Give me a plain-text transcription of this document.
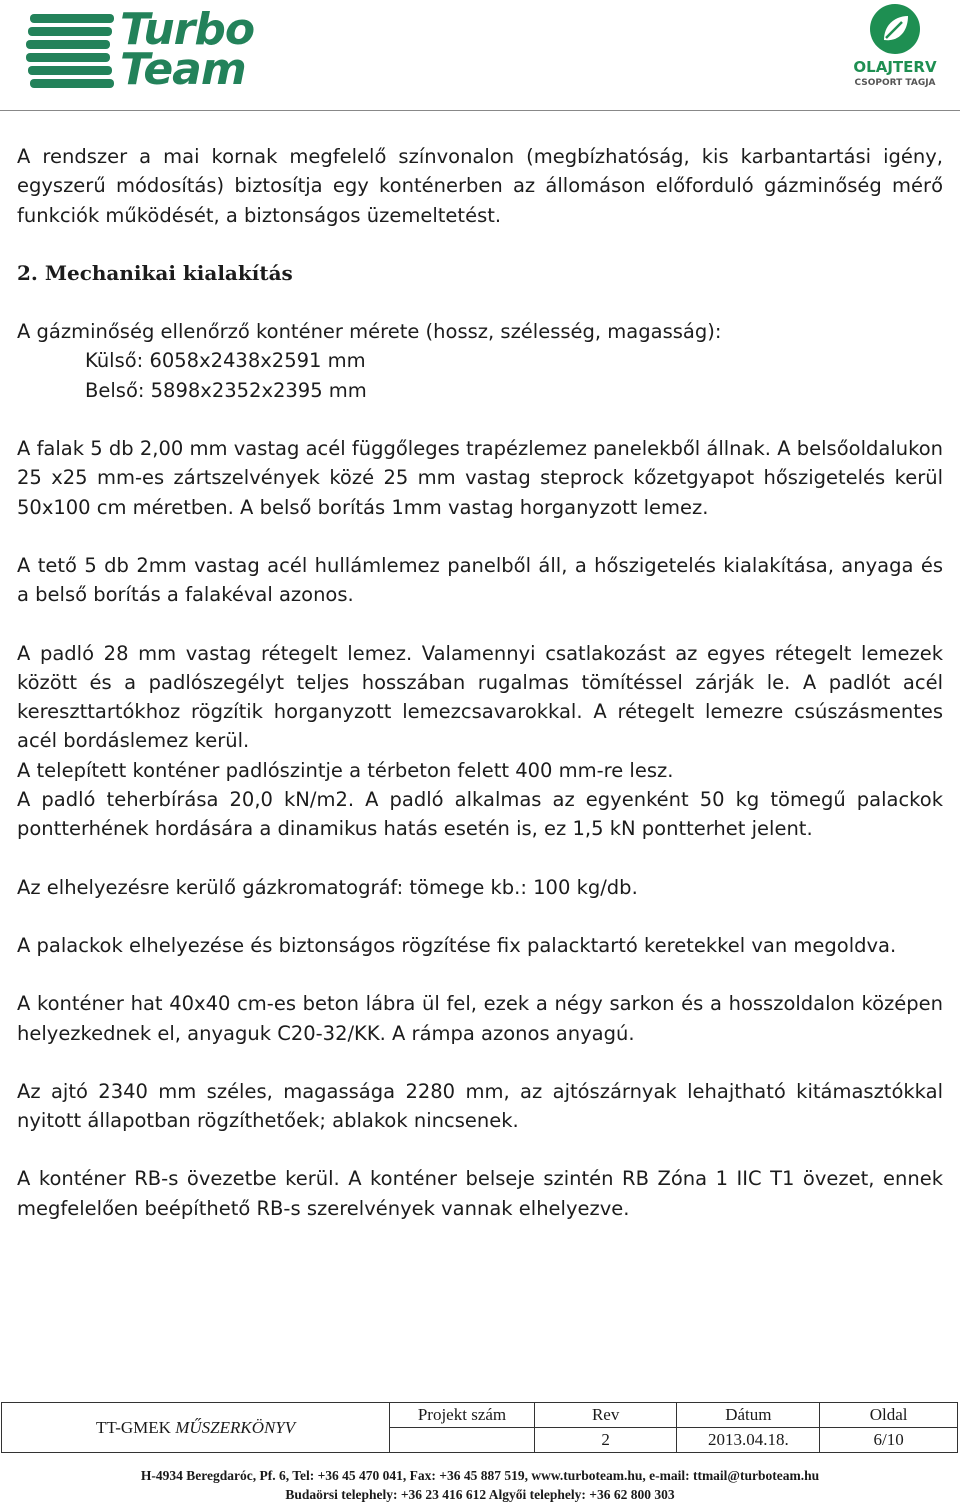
Turbo
Team	OLAJTERV
CSOPORT TAGJA

A rendszer a mai kornak megfelelő színvonalon (megbízhatóság, kis karbantartási igény, egyszerű módosítás) biztosítja egy konténerben az állomáson előforduló gázminőség mérő funkciók működését, a biztonságos üzemeltetést.

2. Mechanikai kialakítás

A gázminőség ellenőrző konténer mérete (hossz, szélesség, magasság):

Külső: 6058x2438x2591 mm

Belső: 5898x2352x2395 mm

A falak 5 db 2,00 mm vastag acél függőleges trapézlemez panelekből állnak. A belsőoldalukon 25 x25 mm-es zártszelvények közé 25 mm vastag steprock kőzetgyapot hőszigetelés kerül 50x100 cm méretben. A belső borítás 1mm vastag horganyzott lemez.

A tető 5 db 2mm vastag acél hullámlemez panelből áll, a hőszigetelés kialakítása, anyaga és a belső borítás a falakéval azonos.

A padló 28 mm vastag rétegelt lemez. Valamennyi csatlakozást az egyes rétegelt lemezek között és a padlószegélyt teljes hosszában rugalmas tömítéssel zárják le. A padlót acél kereszttartókhoz rögzítik horganyzott lemezcsavarokkal. A rétegelt lemezre csúszásmentes acél bordáslemez kerül.

A telepített konténer padlószintje a térbeton felett 400 mm-re lesz.

A padló teherbírása 20,0 kN/m2. A padló alkalmas az egyenként 50 kg tömegű palackok pontterhének hordására a dinamikus hatás esetén is, ez 1,5 kN pontterhet jelent.

Az elhelyezésre kerülő gázkromatográf: tömege kb.: 100 kg/db.

A palackok elhelyezése és biztonságos rögzítése fix palacktartó keretekkel van megoldva.

A konténer hat 40x40 cm-es beton lábra ül fel, ezek a négy sarkon és a hosszoldalon középen helyezkednek el, anyaguk C20-32/KK. A rámpa azonos anyagú.

Az ajtó 2340 mm széles, magassága 2280 mm, az ajtószárnyak lehajtható kitámasztókkal nyitott állapotban rögzíthetőek; ablakok nincsenek.

A konténer RB-s övezetbe kerül. A konténer belseje szintén RB Zóna 1 IIC T1 övezet, ennek megfelelően beépíthető RB-s szerelvények vannak elhelyezve.

TT-GMEK MŰSZERKÖNYV	Projekt szám	Rev	Dátum	Oldal
		2	2013.04.18.	6/10
H-4934 Beregdaróc, Pf. 6, Tel: +36 45 470 041, Fax: +36 45 887 519, www.turboteam.hu, e-mail: ttmail@turboteam.hu
Budaörsi telephely: +36 23 416 612 Algyői telephely: +36 62 800 303
